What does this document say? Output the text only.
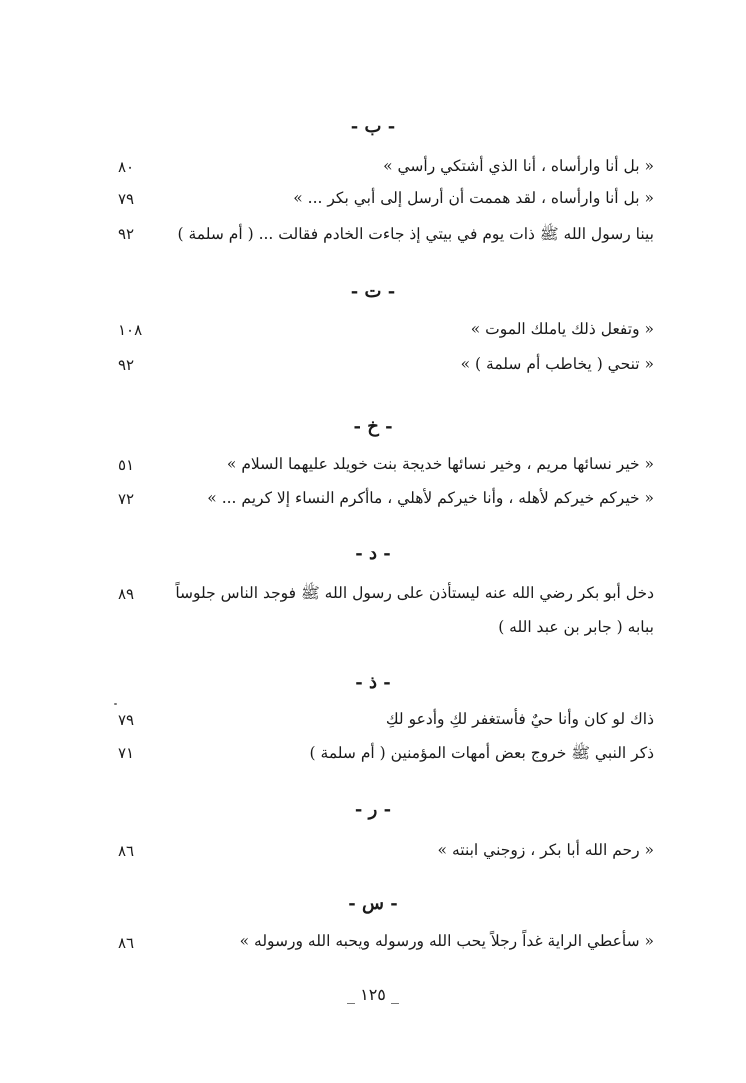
- ب -
« بل أنا وارأساه ، أنا الذي أشتكي رأسي »
٨٠
« بل أنا وارأساه ، لقد هممت أن أرسل إلى أبي بكر ... »
٧٩
بينا رسول الله ﷺ ذات يوم في بيتي إذ جاءت الخادم فقالت ... ( أم سلمة )
٩٢
- ت -
« وتفعل ذلك ياملك الموت »
١٠٨
« تنحي ( يخاطب أم سلمة ) »
٩٢
- خ -
« خير نسائها مريم ، وخير نسائها خديجة بنت خويلد عليهما السلام »
٥١
« خيركم خيركم لأهله ، وأنا خيركم لأهلي ، ماأكرم النساء إلا كريم ... »
٧٢
- د -
دخل أبو بكر رضي الله عنه ليستأذن على رسول الله ﷺ فوجد الناس جلوساً
٨٩
ببابه ( جابر بن عبد الله )
- ذ -
ذاك لو كان وأنا حيٌ فأستغفر لكِ وأدعو لكِ
٧٩
ذكر النبي ﷺ خروج بعض أمهات المؤمنين ( أم سلمة )
٧١
- ر -
« رحم الله أبا بكر ، زوجني ابنته »
٨٦
- س -
« سأعطي الراية غداً رجلاً يحب الله ورسوله ويحبه الله ورسوله »
٨٦
_ ١٢٥ _
